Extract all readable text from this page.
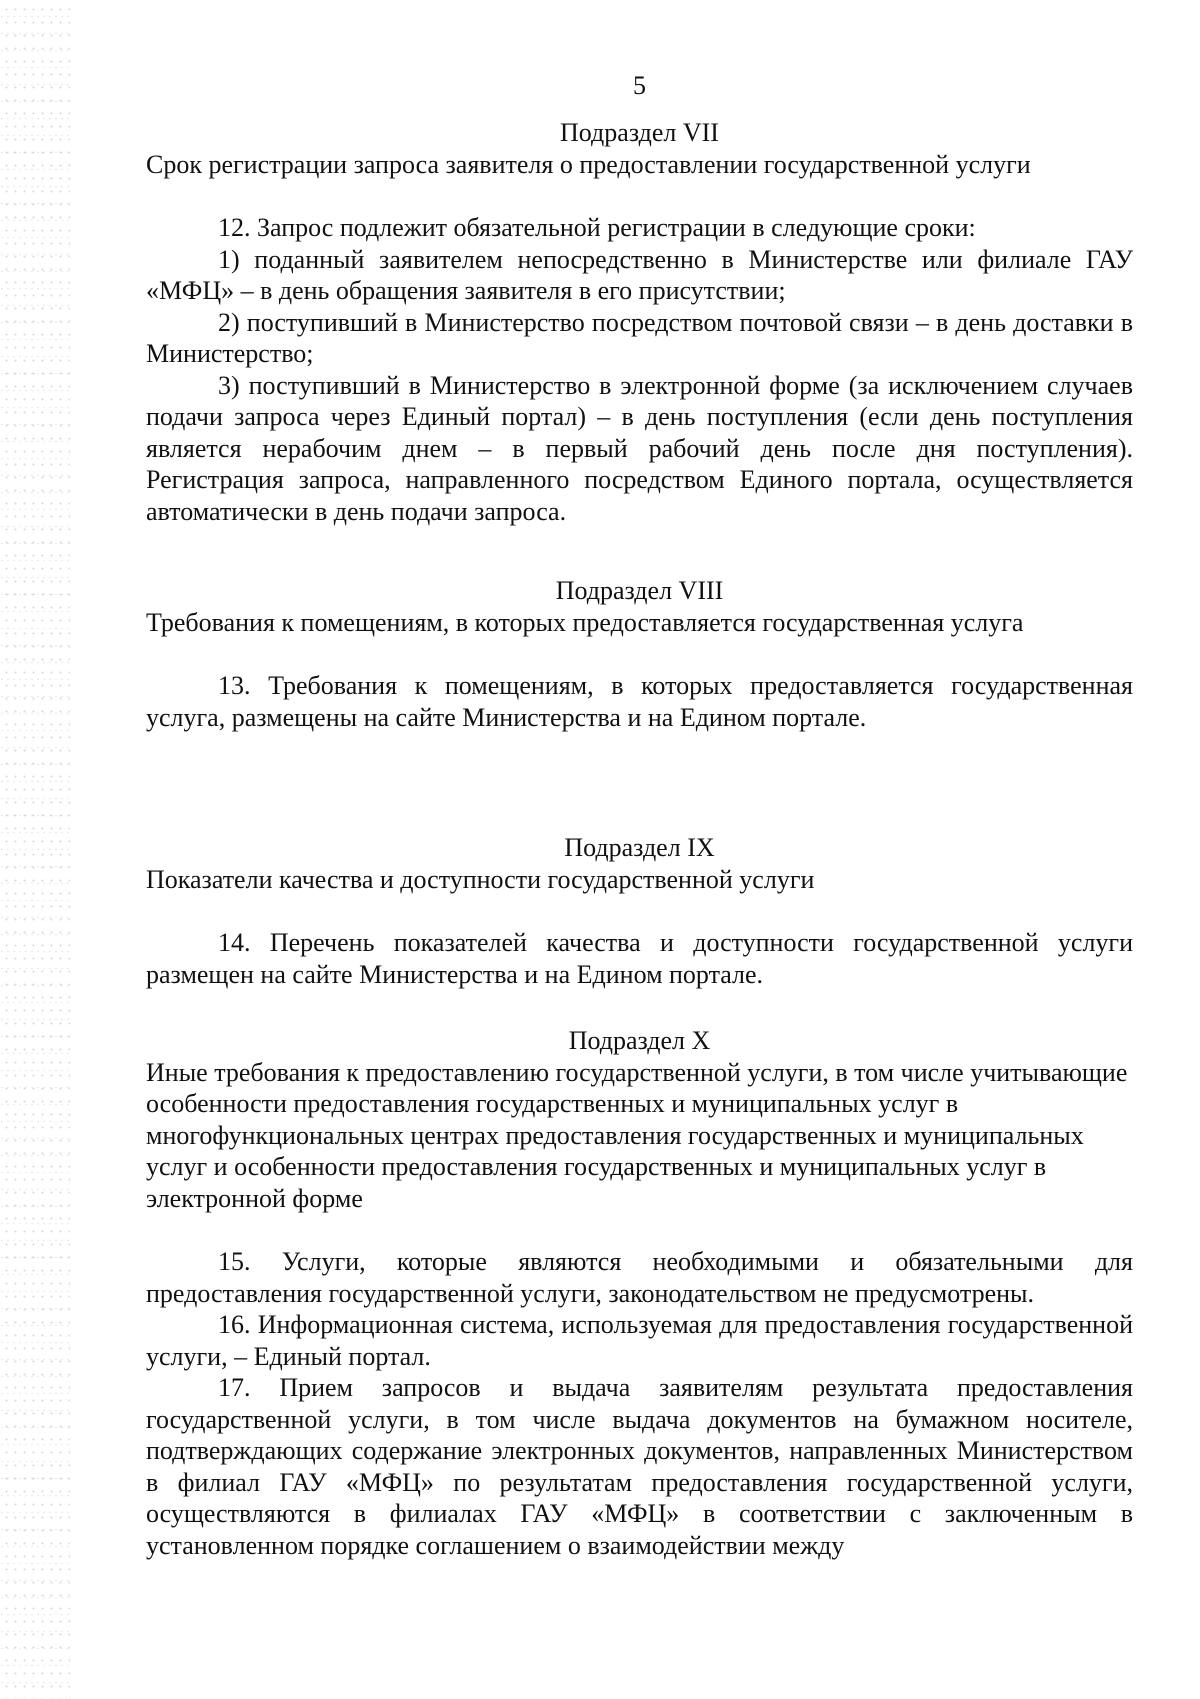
5
Подраздел VII
Срок регистрации запроса заявителя о предоставлении государственной услуги

12. Запрос подлежит обязательной регистрации в следующие сроки:

1) поданный заявителем непосредственно в Министерстве или филиале ГАУ «МФЦ» – в день обращения заявителя в его присутствии;

2) поступивший в Министерство посредством почтовой связи – в день доставки в Министерство;

3) поступивший в Министерство в электронной форме (за исключением случаев подачи запроса через Единый портал) – в день поступления (если день поступления является нерабочим днем – в первый рабочий день после дня поступления). Регистрация запроса, направленного посредством Единого портала, осуществляется автоматически в день подачи запроса.

Подраздел VIII
Требования к помещениям, в которых предоставляется государственная услуга

13. Требования к помещениям, в которых предоставляется государственная услуга, размещены на сайте Министерства и на Едином портале.

Подраздел IX
Показатели качества и доступности государственной услуги

14. Перечень показателей качества и доступности государственной услуги размещен на сайте Министерства и на Едином портале.

Подраздел X
Иные требования к предоставлению государственной услуги, в том числе учитывающие особенности предоставления государственных и муниципальных услуг в многофункциональных центрах предоставления государственных и муниципальных услуг и особенности предоставления государственных и муниципальных услуг в электронной форме

15. Услуги, которые являются необходимыми и обязательными для предоставления государственной услуги, законодательством не предусмотрены.

16. Информационная система, используемая для предоставления государственной услуги, – Единый портал.

17. Прием запросов и выдача заявителям результата предоставления государственной услуги, в том числе выдача документов на бумажном носителе, подтверждающих содержание электронных документов, направленных Министерством в филиал ГАУ «МФЦ» по результатам предоставления государственной услуги, осуществляются в филиалах ГАУ «МФЦ» в соответствии с заключенным в установленном порядке соглашением о взаимодействии между
